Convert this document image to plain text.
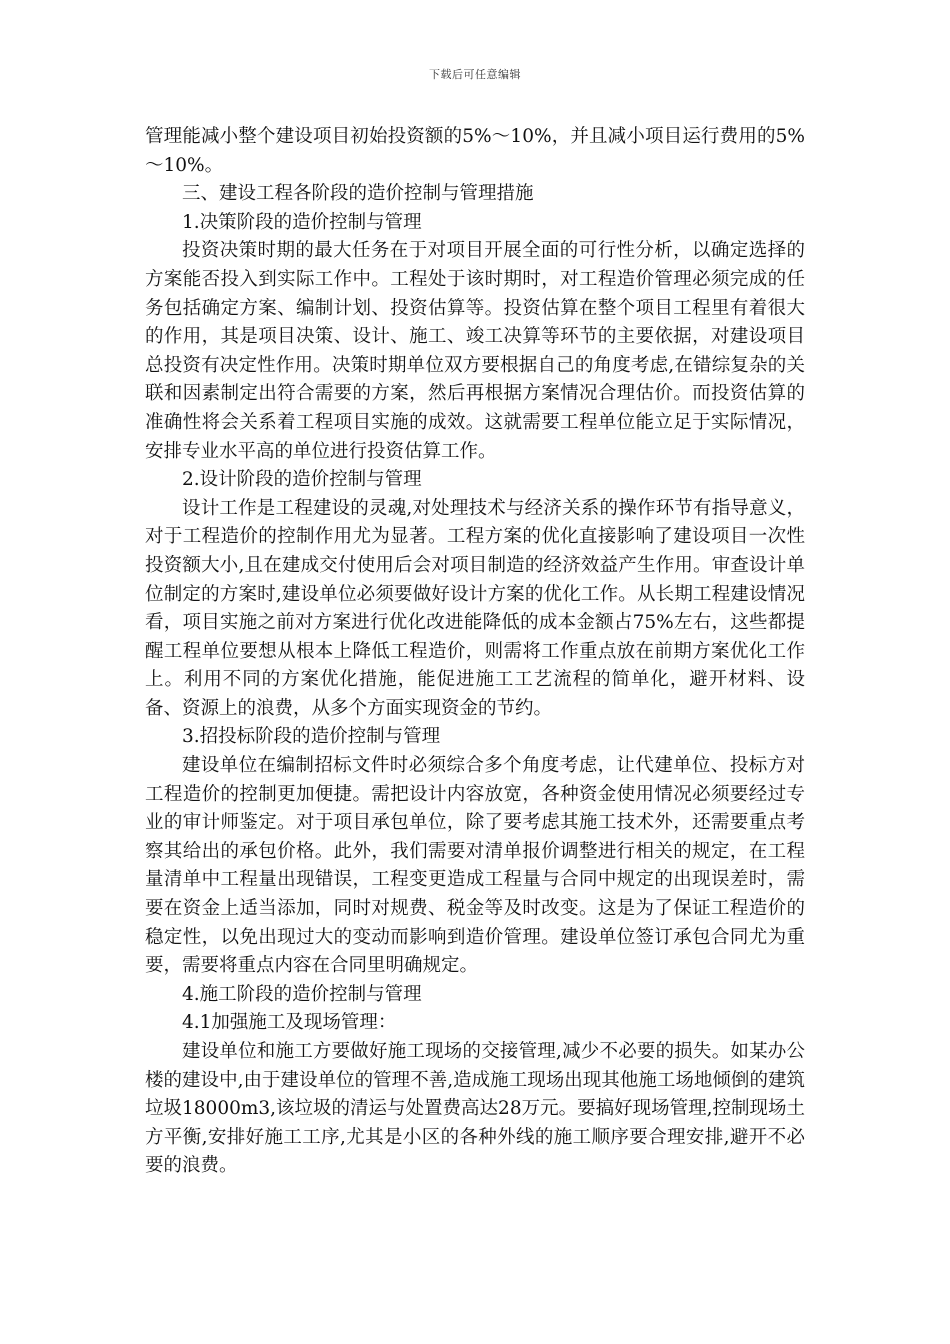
下载后可任意编辑

管理能减小整个建设项目初始投资额的5%～10%，并且减小项目运行费用的5%～10%。

三、建设工程各阶段的造价控制与管理措施

1.决策阶段的造价控制与管理

投资决策时期的最大任务在于对项目开展全面的可行性分析，以确定选择的方案能否投入到实际工作中。工程处于该时期时，对工程造价管理必须完成的任务包括确定方案、编制计划、投资估算等。投资估算在整个项目工程里有着很大的作用，其是项目决策、设计、施工、竣工决算等环节的主要依据，对建设项目总投资有决定性作用。决策时期单位双方要根据自己的角度考虑,在错综复杂的关联和因素制定出符合需要的方案，然后再根据方案情况合理估价。而投资估算的准确性将会关系着工程项目实施的成效。这就需要工程单位能立足于实际情况，安排专业水平高的单位进行投资估算工作。

2.设计阶段的造价控制与管理

设计工作是工程建设的灵魂,对处理技术与经济关系的操作环节有指导意义，对于工程造价的控制作用尤为显著。工程方案的优化直接影响了建设项目一次性投资额大小,且在建成交付使用后会对项目制造的经济效益产生作用。审查设计单位制定的方案时,建设单位必须要做好设计方案的优化工作。从长期工程建设情况看，项目实施之前对方案进行优化改进能降低的成本金额占75%左右，这些都提醒工程单位要想从根本上降低工程造价，则需将工作重点放在前期方案优化工作上。利用不同的方案优化措施，能促进施工工艺流程的简单化，避开材料、设备、资源上的浪费，从多个方面实现资金的节约。

3.招投标阶段的造价控制与管理

建设单位在编制招标文件时必须综合多个角度考虑，让代建单位、投标方对工程造价的控制更加便捷。需把设计内容放宽，各种资金使用情况必须要经过专业的审计师鉴定。对于项目承包单位，除了要考虑其施工技术外，还需要重点考察其给出的承包价格。此外，我们需要对清单报价调整进行相关的规定，在工程量清单中工程量出现错误，工程变更造成工程量与合同中规定的出现误差时，需要在资金上适当添加，同时对规费、税金等及时改变。这是为了保证工程造价的稳定性，以免出现过大的变动而影响到造价管理。建设单位签订承包合同尤为重要，需要将重点内容在合同里明确规定。

4.施工阶段的造价控制与管理

4.1加强施工及现场管理：

建设单位和施工方要做好施工现场的交接管理,减少不必要的损失。如某办公楼的建设中,由于建设单位的管理不善,造成施工现场出现其他施工场地倾倒的建筑垃圾18000m3,该垃圾的清运与处置费高达28万元。要搞好现场管理,控制现场土方平衡,安排好施工工序,尤其是小区的各种外线的施工顺序要合理安排,避开不必要的浪费。
